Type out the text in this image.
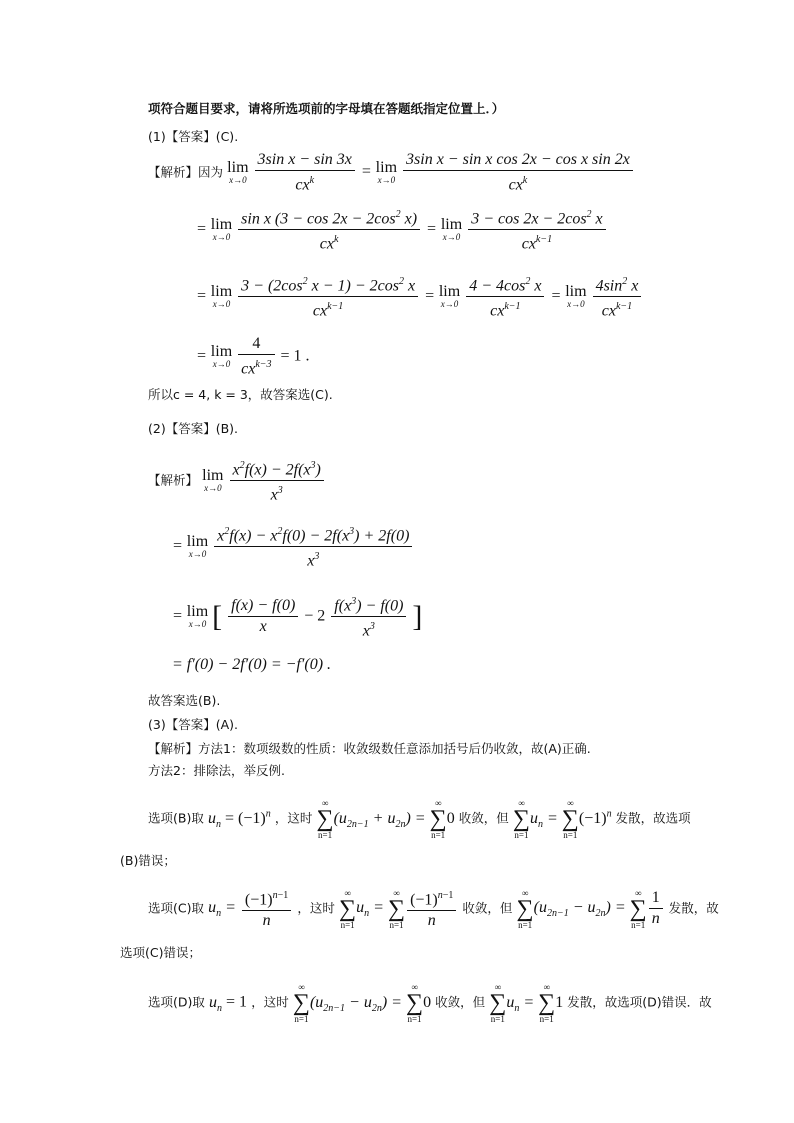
项符合题目要求，请将所选项前的字母填在答题纸指定位置上．）
(1)【答案】(C).
【解析】因为 lim
x→0
$\frac{\text{3sin x − sin 3x}}{cx^k} = \lim$
x→0
$\frac{\text{3sin x − sin x cos 2x − cos x sin 2x}}{cx^k}$
= lim
x→0
$\frac{\sin x (3 - \cos 2x - 2\cos^2 x)}{cx^k} = \lim$
x→0
$\frac{3 - \cos 2x - 2\cos^2 x}{cx^{k-1}}$
= lim
x→0
$\frac{3 - (2\cos^2 x - 1) - 2\cos^2 x}{cx^{k-1}} = \lim$
x→0
$\frac{4 - 4\cos^2 x}{cx^{k-1}} = \lim$
x→0
$\frac{4\sin^2 x}{cx^{k-1}}$
= lim
x→0
$\frac{4}{cx^{k-3}} = 1$ .
所以c = 4, k = 3，故答案选(C).
(2)【答案】(B).
【解析】 lim
x→0
$\frac{x^2f(x) - 2f(x^3)}{x^3}$
= lim
x→0
$\frac{x^2f(x) - x^2f(0) - 2f(x^3) + 2f(0)}{x^3}$
= lim
x→0 [ $\frac{f(x) - f(0)}{x} - 2 \frac{f(x^3) - f(0)}{x^3}$ ]
= f′(0) − 2f′(0) = −f′(0) .
故答案选(B).
(3)【答案】(A).
【解析】方法1：数项级数的性质：收敛级数任意添加括号后仍收敛，故(A)正确.
方法2：排除法，举反例.
选项(B)取 $u_n = (-1)^n$ ，这时
∞
∑
n=1
$(u_{2n-1} + u_{2n})$ =
∞
∑
n=1
0 收敛，但
∞
∑
n=1
$u_n$ =
∞
∑
n=1
$(-1)^n$ 发散，故选项
(B)错误；
选项(C)取 $u_n = \frac{(-1)^{n-1}}{n}$ ，这时
∞
∑
n=1
$u_n$ =
∞
∑
$n=1 \frac{(-1)^{n-1}}{n}$ 收敛，但
∞
∑
n=1
$(u_{2n-1} - u_{2n})$ =
∞
∑
$n=1 \frac{1}{n}$ 发散，故
选项(C)错误；
选项(D)取 $u_n = 1$ ，这时
∞
∑
n=1
$(u_{2n-1} - u_{2n})$ =
∞
∑
n=1
0 收敛，但
∞
∑
n=1
$u_n$ =
∞
∑
n=1
1 发散，故选项(D)错误．故
